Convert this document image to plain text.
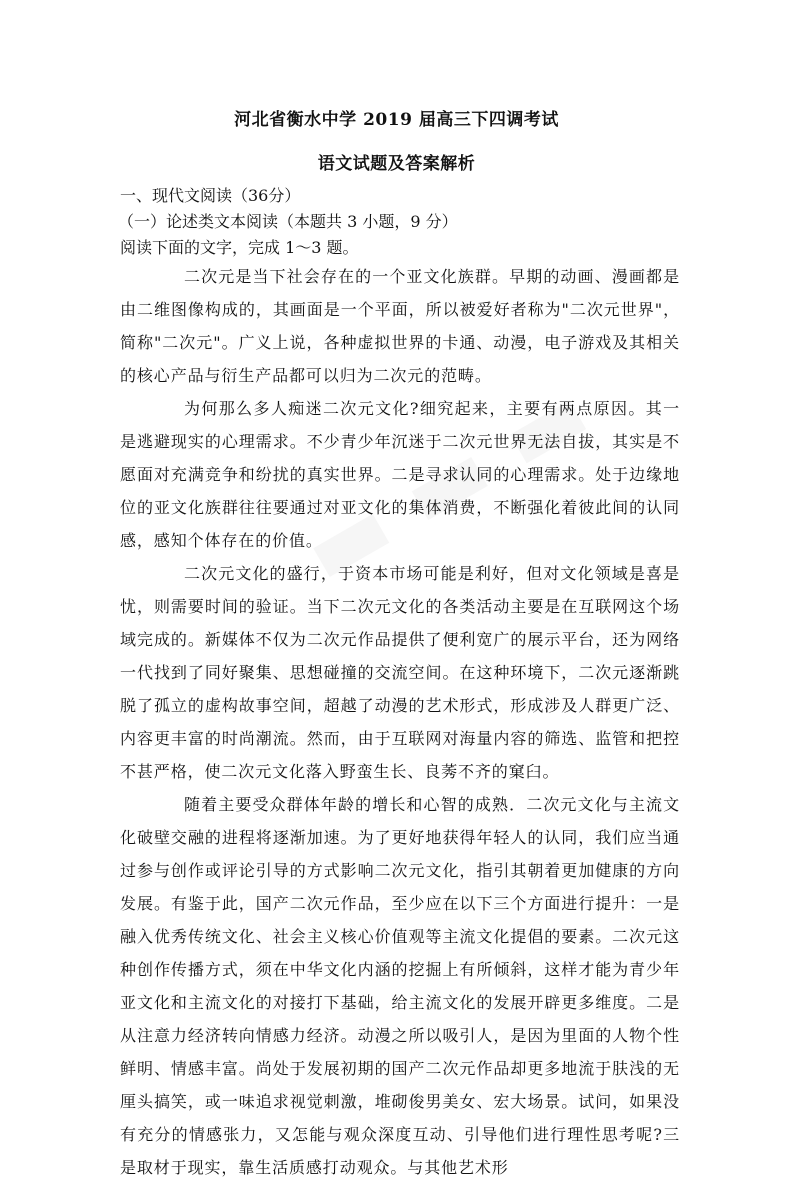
河北省衡水中学 2019 届高三下四调考试
语文试题及答案解析
一、现代文阅读（36分）
（一）论述类文本阅读（本题共 3 小题，9 分）
阅读下面的文字，完成 1～3 题。

二次元是当下社会存在的一个亚文化族群。早期的动画、漫画都是由二维图像构成的，其画面是一个平面，所以被爱好者称为"二次元世界"，简称"二次元"。广义上说，各种虚拟世界的卡通、动漫，电子游戏及其相关的核心产品与衍生产品都可以归为二次元的范畴。

为何那么多人痴迷二次元文化?细究起来，主要有两点原因。其一是逃避现实的心理需求。不少青少年沉迷于二次元世界无法自拔，其实是不愿面对充满竞争和纷扰的真实世界。二是寻求认同的心理需求。处于边缘地位的亚文化族群往往要通过对亚文化的集体消费，不断强化着彼此间的认同感，感知个体存在的价值。

二次元文化的盛行，于资本市场可能是利好，但对文化领域是喜是忧，则需要时间的验证。当下二次元文化的各类活动主要是在互联网这个场域完成的。新媒体不仅为二次元作品提供了便利宽广的展示平台，还为网络一代找到了同好聚集、思想碰撞的交流空间。在这种环境下，二次元逐渐跳脱了孤立的虚构故事空间，超越了动漫的艺术形式，形成涉及人群更广泛、内容更丰富的时尚潮流。然而，由于互联网对海量内容的筛选、监管和把控不甚严格，使二次元文化落入野蛮生长、良莠不齐的窠臼。

随着主要受众群体年龄的增长和心智的成熟．二次元文化与主流文化破壁交融的进程将逐渐加速。为了更好地获得年轻人的认同，我们应当通过参与创作或评论引导的方式影响二次元文化，指引其朝着更加健康的方向发展。有鉴于此，国产二次元作品，至少应在以下三个方面进行提升：一是融入优秀传统文化、社会主义核心价值观等主流文化提倡的要素。二次元这种创作传播方式，须在中华文化内涵的挖掘上有所倾斜，这样才能为青少年亚文化和主流文化的对接打下基础，给主流文化的发展开辟更多维度。二是从注意力经济转向情感力经济。动漫之所以吸引人，是因为里面的人物个性鲜明、情感丰富。尚处于发展初期的国产二次元作品却更多地流于肤浅的无厘头搞笑，或一味追求视觉刺激，堆砌俊男美女、宏大场景。试问，如果没有充分的情感张力，又怎能与观众深度互动、引导他们进行理性思考呢?三是取材于现实，靠生活质感打动观众。与其他艺术形
